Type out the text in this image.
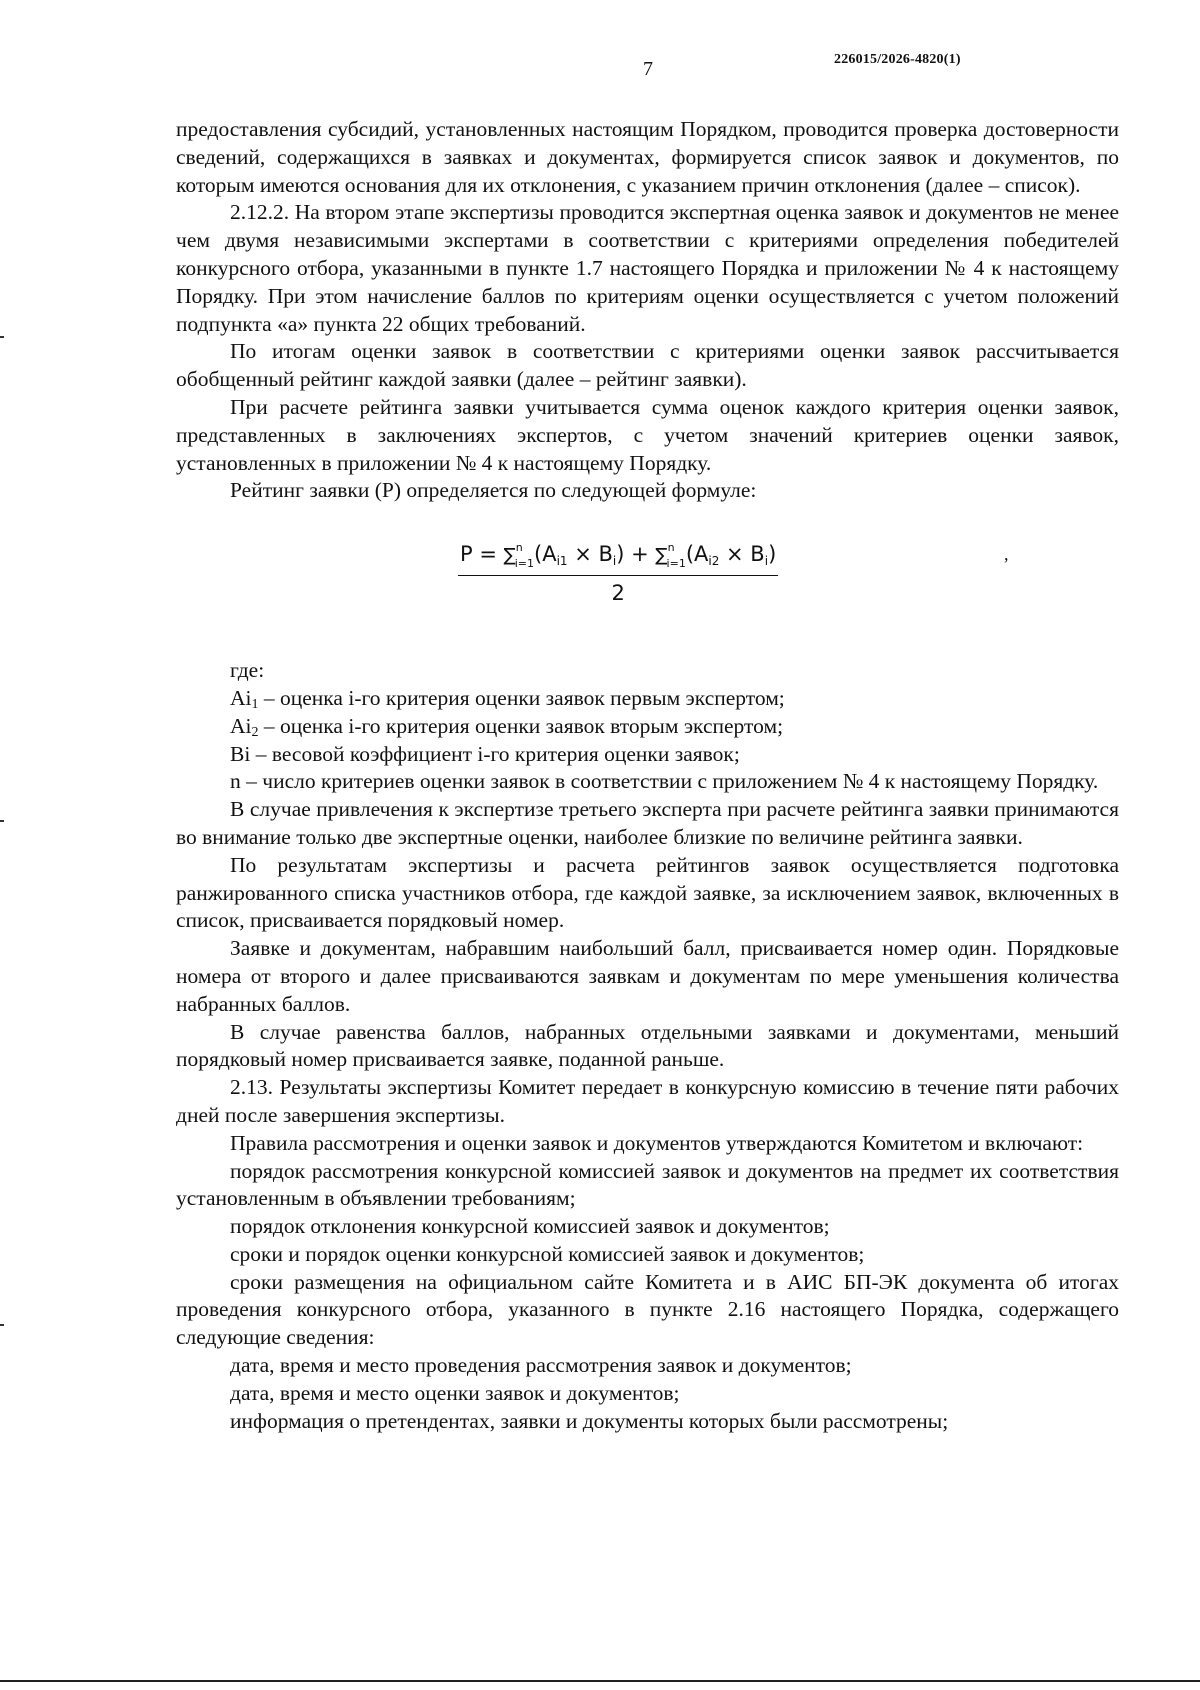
7	226015/2026-4820(1)

предоставления субсидий, установленных настоящим Порядком, проводится проверка достоверности сведений, содержащихся в заявках и документах, формируется список заявок и документов, по которым имеются основания для их отклонения, с указанием причин отклонения (далее – список).

2.12.2. На втором этапе экспертизы проводится экспертная оценка заявок и документов не менее чем двумя независимыми экспертами в соответствии с критериями определения победителей конкурсного отбора, указанными в пункте 1.7 настоящего Порядка и приложении № 4 к настоящему Порядку. При этом начисление баллов по критериям оценки осуществляется с учетом положений подпункта «а» пункта 22 общих требований.

По итогам оценки заявок в соответствии с критериями оценки заявок рассчитывается обобщенный рейтинг каждой заявки (далее – рейтинг заявки).

При расчете рейтинга заявки учитывается сумма оценок каждого критерия оценки заявок, представленных в заключениях экспертов, с учетом значений критериев оценки заявок, установленных в приложении № 4 к настоящему Порядку.

Рейтинг заявки (Р) определяется по следующей формуле:

$\frac{P = \sum ni=1(A_{i1} \times B_i) + \sum ni=1(A_{i2} \times B_i)}{2}$	,

где:

$Ai_1$ – оценка i-го критерия оценки заявок первым экспертом;

$Ai_2$ – оценка i-го критерия оценки заявок вторым экспертом;

Bi – весовой коэффициент i-го критерия оценки заявок;

n – число критериев оценки заявок в соответствии с приложением № 4 к настоящему Порядку.

В случае привлечения к экспертизе третьего эксперта при расчете рейтинга заявки принимаются во внимание только две экспертные оценки, наиболее близкие по величине рейтинга заявки.

По результатам экспертизы и расчета рейтингов заявок осуществляется подготовка ранжированного списка участников отбора, где каждой заявке, за исключением заявок, включенных в список, присваивается порядковый номер.

Заявке и документам, набравшим наибольший балл, присваивается номер один. Порядковые номера от второго и далее присваиваются заявкам и документам по мере уменьшения количества набранных баллов.

В случае равенства баллов, набранных отдельными заявками и документами, меньший порядковый номер присваивается заявке, поданной раньше.

2.13. Результаты экспертизы Комитет передает в конкурсную комиссию в течение пяти рабочих дней после завершения экспертизы.

Правила рассмотрения и оценки заявок и документов утверждаются Комитетом и включают:

порядок рассмотрения конкурсной комиссией заявок и документов на предмет их соответствия установленным в объявлении требованиям;

порядок отклонения конкурсной комиссией заявок и документов;

сроки и порядок оценки конкурсной комиссией заявок и документов;

сроки размещения на официальном сайте Комитета и в АИС БП-ЭК документа об итогах проведения конкурсного отбора, указанного в пункте 2.16 настоящего Порядка, содержащего следующие сведения:

дата, время и место проведения рассмотрения заявок и документов;

дата, время и место оценки заявок и документов;

информация о претендентах, заявки и документы которых были рассмотрены;
